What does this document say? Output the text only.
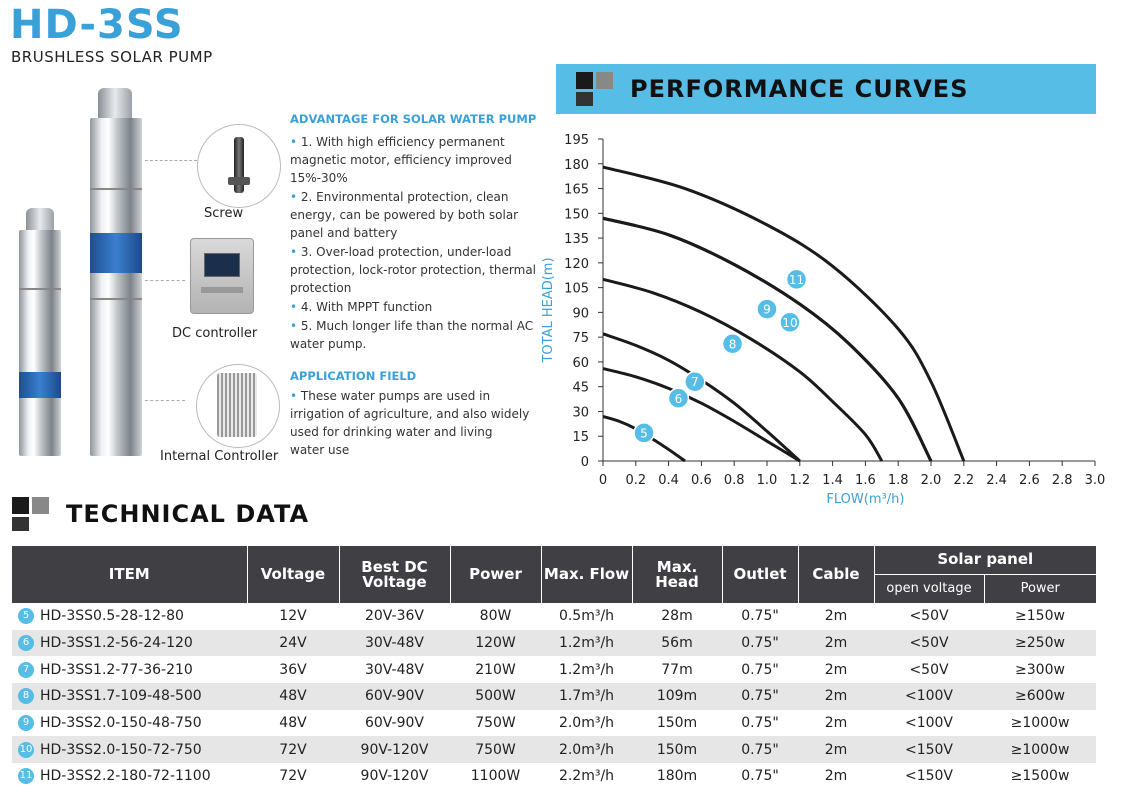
HD-3SS
BRUSHLESS SOLAR PUMP
Screw
DC controller
Internal Controller
ADVANTAGE FOR SOLAR WATER PUMP
• 1. With high efficiency permanent magnetic motor, efficiency improved 15%-30%
• 2. Environmental protection, clean energy, can be powered by both solar panel and battery
• 3. Over-load protection, under-load protection, lock-rotor protection, thermal protection
• 4. With MPPT function
• 5. Much longer life than the normal AC water pump.
APPLICATION FIELD
• These water pumps are used in irrigation of agriculture, and also widely used for drinking water and living water use
PERFORMANCE CURVES
0
15
30
45
60
75
90
105
120
135
150
165
180
195
0 0.2 0.4 0.6 0.8 1.0 1.2 1.4 1.6 1.8 2.0 2.2 2.4 2.6 2.8 3.0
TOTAL HEAD(m)
FLOW(m³/h)
5
6
7
8
9
10
11
TECHNICAL DATA
ITEM	Voltage	Best DC Voltage	Power	Max. Flow	Max. Head	Outlet	Cable	Solar panel	
								open voltage	Power
5 HD-3SS0.5-28-12-80	12V	20V-36V	80W	0.5m³/h	28m	0.75"	2m	<50V	≥150w
6 HD-3SS1.2-56-24-120	24V	30V-48V	120W	1.2m³/h	56m	0.75"	2m	<50V	≥250w
7 HD-3SS1.2-77-36-210	36V	30V-48V	210W	1.2m³/h	77m	0.75"	2m	<50V	≥300w
8 HD-3SS1.7-109-48-500	48V	60V-90V	500W	1.7m³/h	109m	0.75"	2m	<100V	≥600w
9 HD-3SS2.0-150-48-750	48V	60V-90V	750W	2.0m³/h	150m	0.75"	2m	<100V	≥1000w
10 HD-3SS2.0-150-72-750	72V	90V-120V	750W	2.0m³/h	150m	0.75"	2m	<150V	≥1000w
11 HD-3SS2.2-180-72-1100	72V	90V-120V	1100W	2.2m³/h	180m	0.75"	2m	<150V	≥1500w
